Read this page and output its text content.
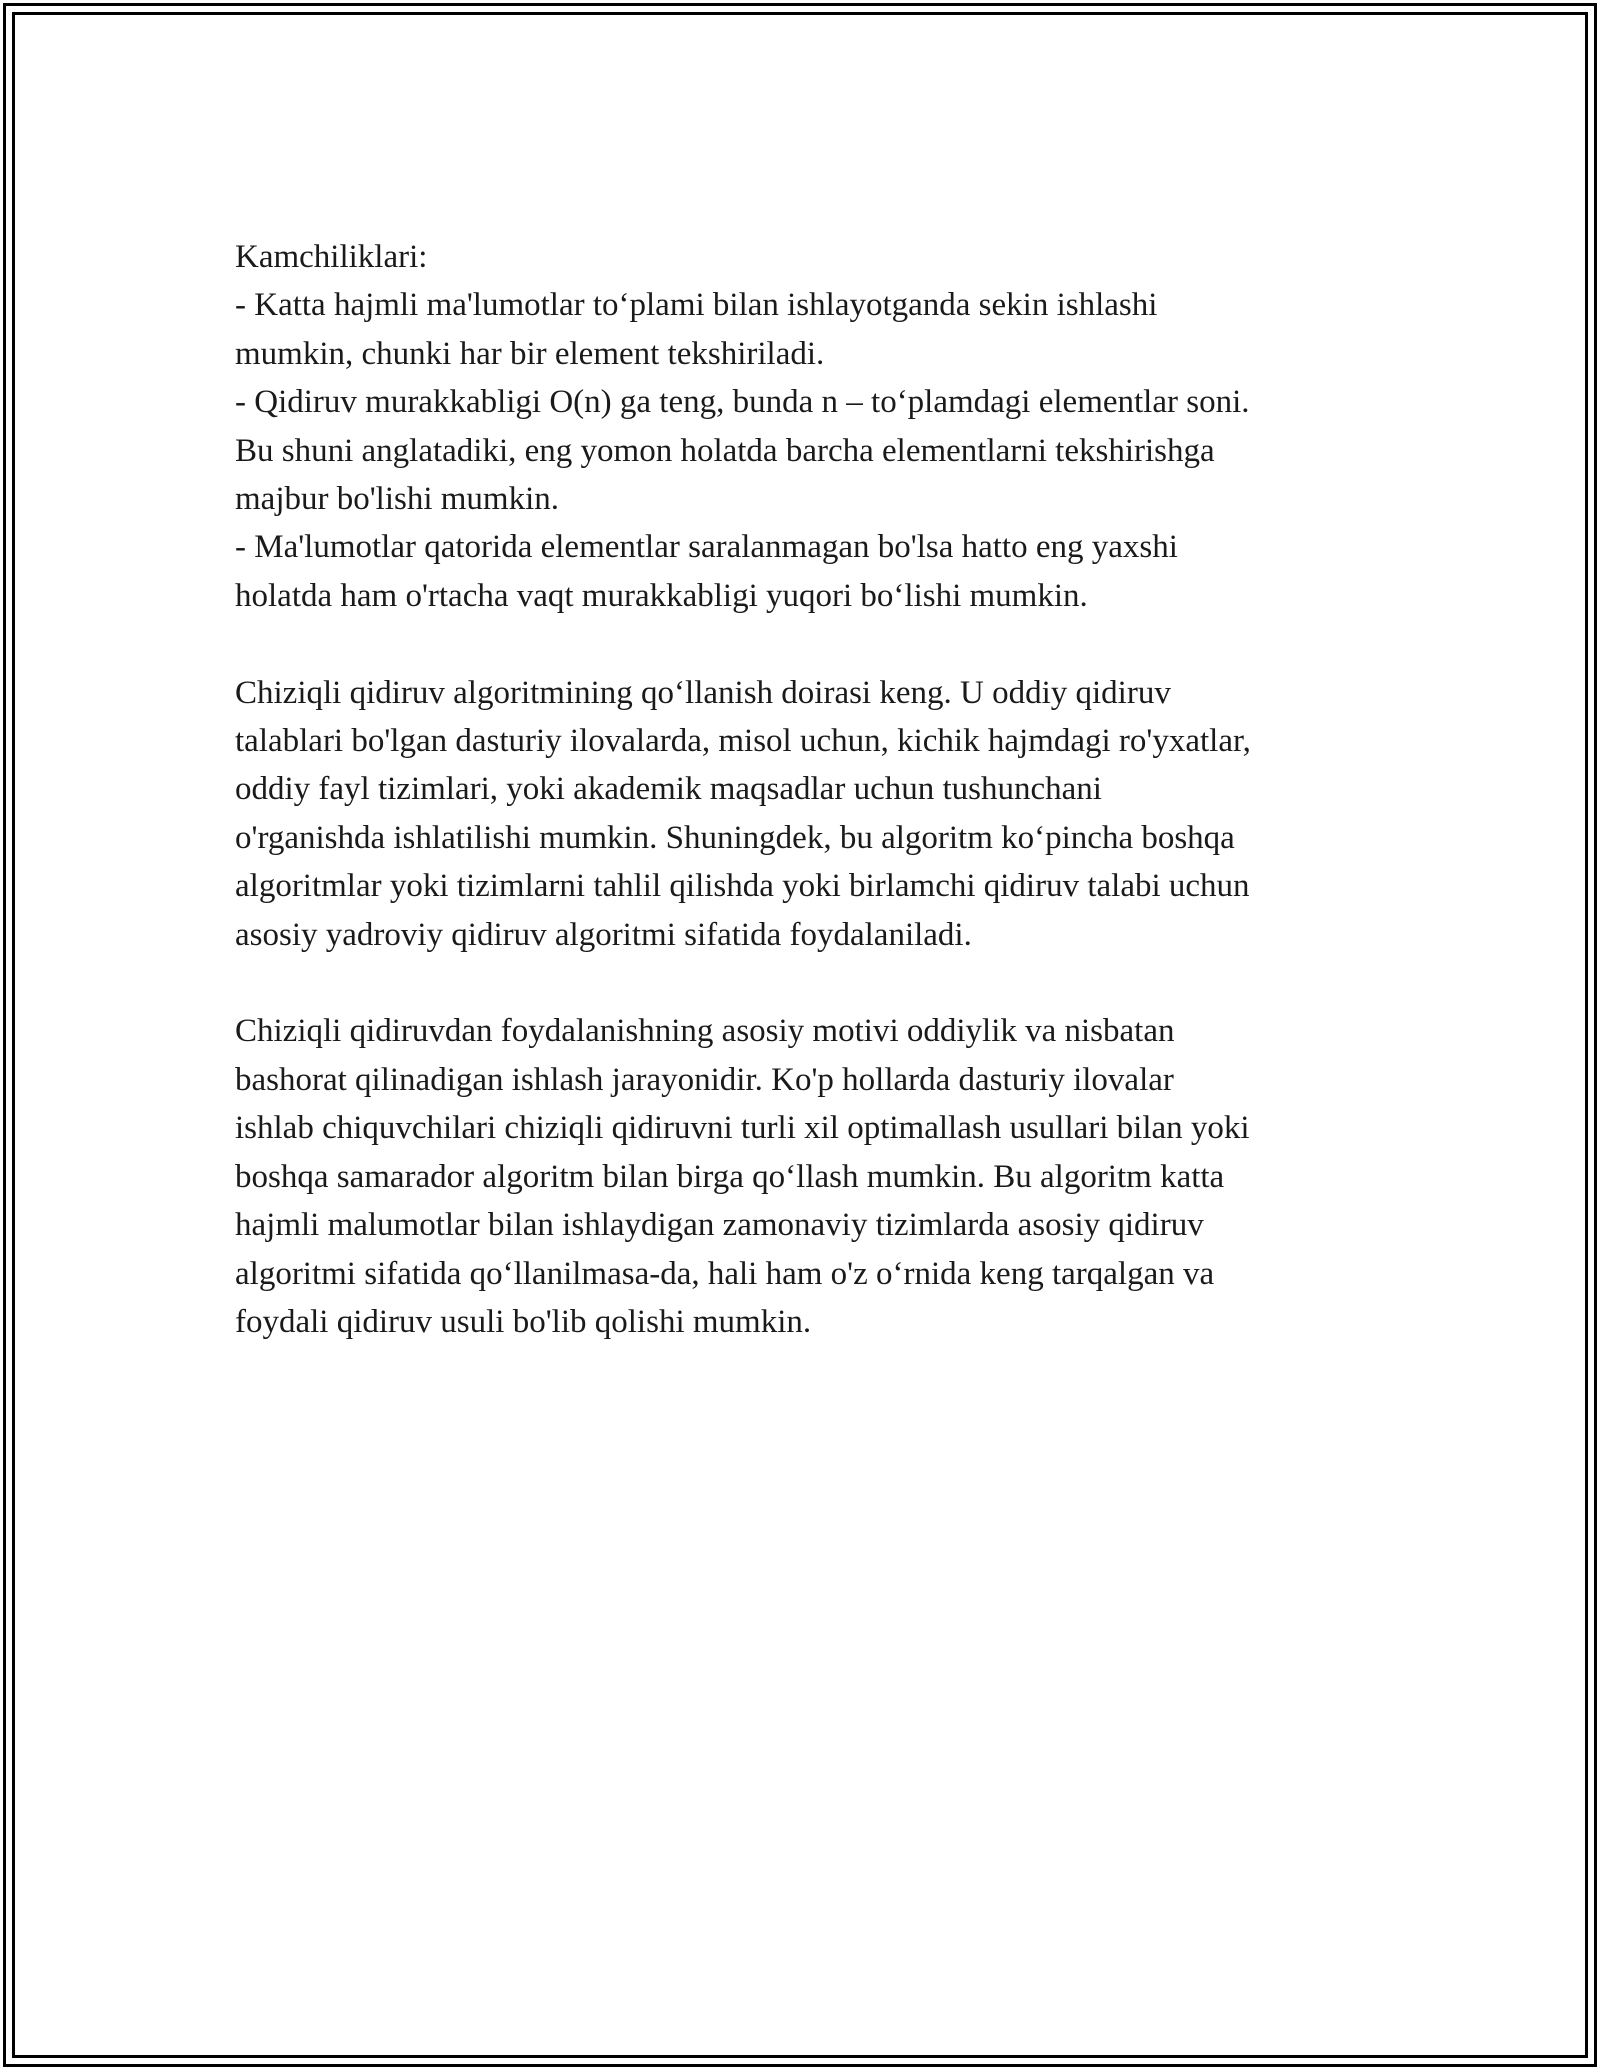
Kamchiliklari:
- Katta hajmli ma'lumotlar to‘plami bilan ishlayotganda sekin ishlashi
mumkin, chunki har bir element tekshiriladi.
- Qidiruv murakkabligi O(n) ga teng, bunda n – to‘plamdagi elementlar soni.
Bu shuni anglatadiki, eng yomon holatda barcha elementlarni tekshirishga
majbur bo'lishi mumkin.
- Ma'lumotlar qatorida elementlar saralanmagan bo'lsa hatto eng yaxshi
holatda ham o'rtacha vaqt murakkabligi yuqori bo‘lishi mumkin.
Chiziqli qidiruv algoritmining qo‘llanish doirasi keng. U oddiy qidiruv
talablari bo'lgan dasturiy ilovalarda, misol uchun, kichik hajmdagi ro'yxatlar,
oddiy fayl tizimlari, yoki akademik maqsadlar uchun tushunchani
o'rganishda ishlatilishi mumkin. Shuningdek, bu algoritm ko‘pincha boshqa
algoritmlar yoki tizimlarni tahlil qilishda yoki birlamchi qidiruv talabi uchun
asosiy yadroviy qidiruv algoritmi sifatida foydalaniladi.
Chiziqli qidiruvdan foydalanishning asosiy motivi oddiylik va nisbatan
bashorat qilinadigan ishlash jarayonidir. Ko'p hollarda dasturiy ilovalar
ishlab chiquvchilari chiziqli qidiruvni turli xil optimallash usullari bilan yoki
boshqa samarador algoritm bilan birga qo‘llash mumkin. Bu algoritm katta
hajmli malumotlar bilan ishlaydigan zamonaviy tizimlarda asosiy qidiruv
algoritmi sifatida qo‘llanilmasa-da, hali ham o'z o‘rnida keng tarqalgan va
foydali qidiruv usuli bo'lib qolishi mumkin.
